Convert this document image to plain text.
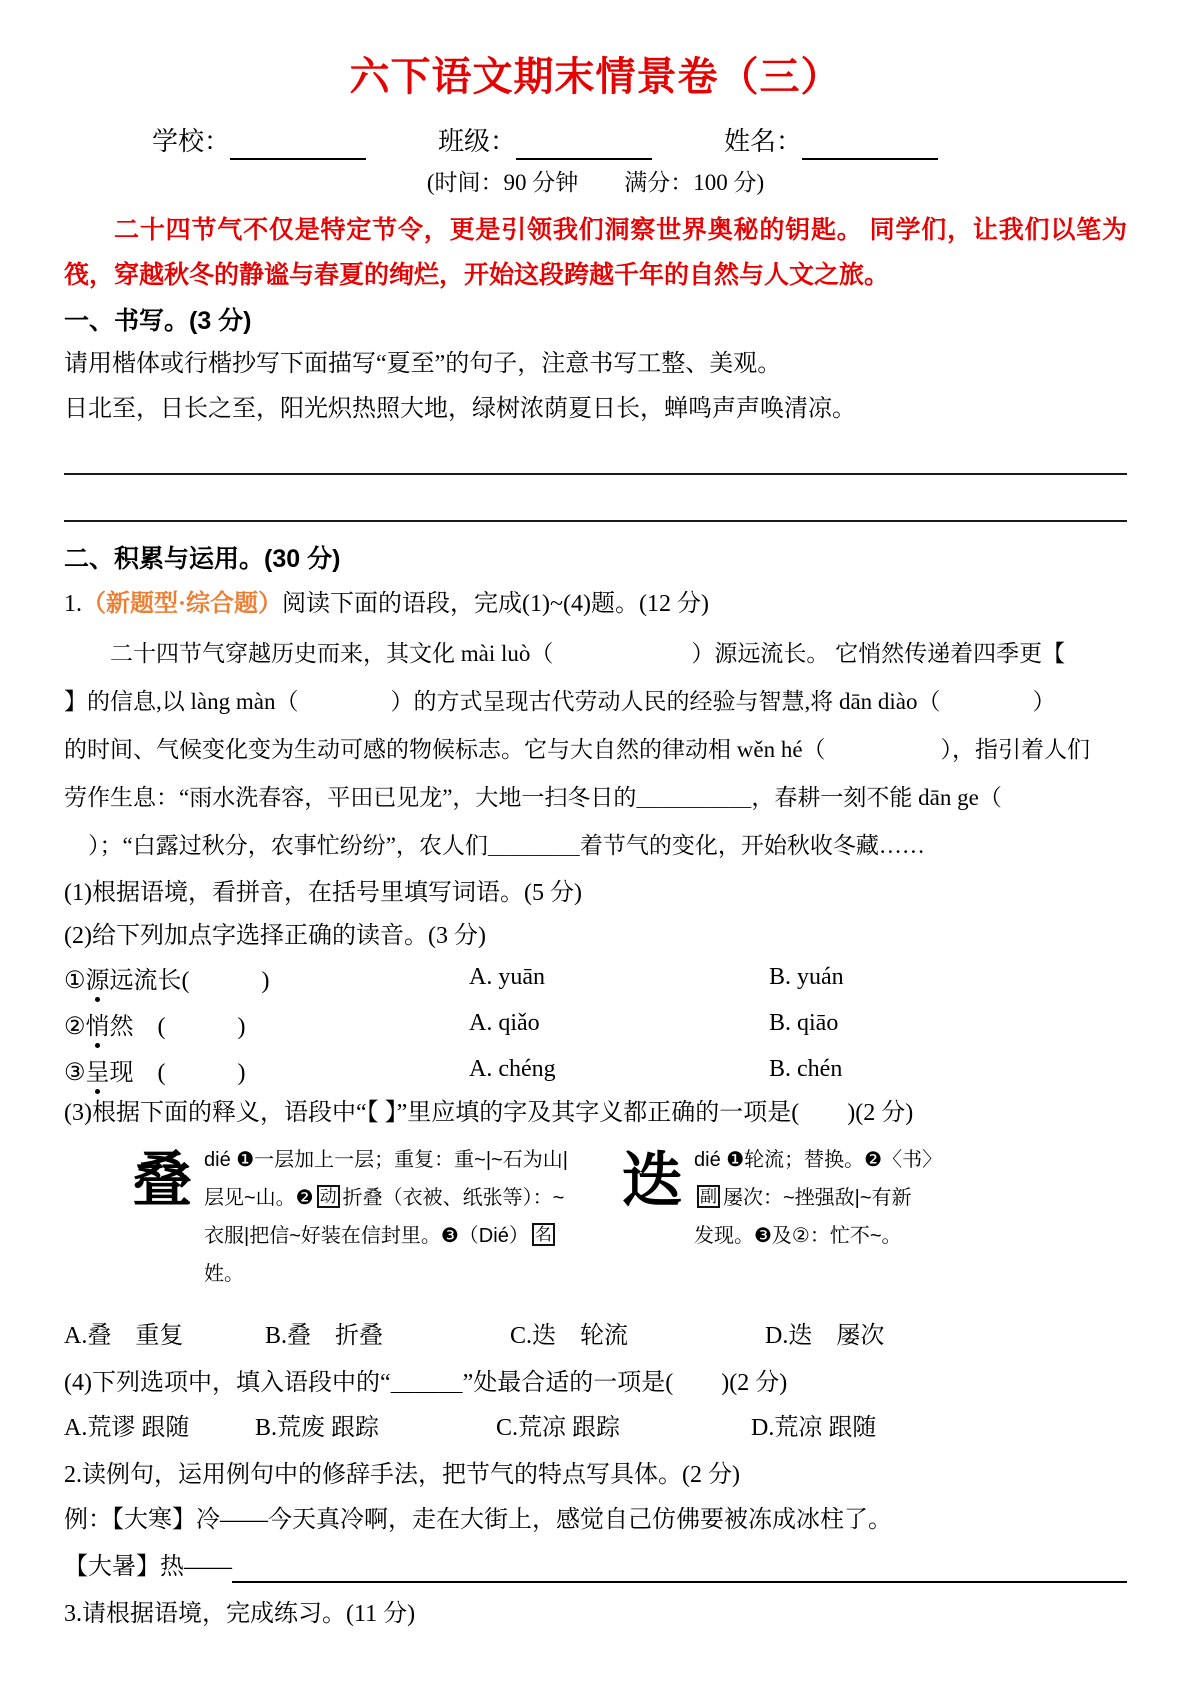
六下语文期末情景卷（三）
学校：	班级：	姓名：
(时间：90 分钟　　满分：100 分)

二十四节气不仅是特定节令，更是引领我们洞察世界奥秘的钥匙。 同学们，让我们以笔为筏，穿越秋冬的静谧与春夏的绚烂，开始这段跨越千年的自然与人文之旅。

一、书写。(3 分)

请用楷体或行楷抄写下面描写“夏至”的句子，注意书写工整、美观。

日北至，日长之至，阳光炽热照大地，绿树浓荫夏日长，蝉鸣声声唤清凉。

二、积累与运用。(30 分)

1.（新题型·综合题）阅读下面的语段，完成(1)~(4)题。(12 分)

二十四节气穿越历史而来，其文化 mài luò（　　　　　　）源远流长。 它悄然传递着四季更【
】的信息,以 làng màn（　　　　）的方式呈现古代劳动人民的经验与智慧,将 dān diào（　　　　）
的时间、气候变化变为生动可感的物候标志。它与大自然的律动相 wěn hé（　　　　　），指引着人们
劳作生息：“雨水洗春容，平田已见龙”，大地一扫冬日的＿＿＿＿＿，春耕一刻不能 dān ge（
）；“白露过秋分，农事忙纷纷”，农人们＿＿＿＿着节气的变化，开始秋收冬藏……

(1)根据语境，看拼音，在括号里填写词语。(5 分)

(2)给下列加点字选择正确的读音。(3 分)

①源远流长(　　　)	A. yuān	B. yuán
②悄然　(　　　)	A. qiǎo	B. qiāo
③呈现　(　　　)	A. chéng	B. chén

(3)根据下面的释义，语段中“【 】”里应填的字及其字义都正确的一项是(　　)(2 分)

叠 dié ❶一层加上一层；重复：重~|~石为山|
层见~山。❷ 动 折叠（衣被、纸张等）：~
衣服|把信~好装在信封里。❸（Dié） 名姓。
迭 dié ❶轮流；替换。❷〈书〉
副 屡次：~挫强敌|~有新
发现。❸及②：忙不~。
A.叠　重复	B.叠　折叠	C.迭　轮流	D.迭　屡次

(4)下列选项中，填入语段中的“＿＿＿”处最合适的一项是(　　)(2 分)

A.荒谬 跟随	B.荒废 跟踪	C.荒凉 跟踪	D.荒凉 跟随

2.读例句，运用例句中的修辞手法，把节气的特点写具体。(2 分)

例：【大寒】冷——今天真冷啊，走在大街上，感觉自己仿佛要被冻成冰柱了。

【大暑】热——

3.请根据语境，完成练习。(11 分)
